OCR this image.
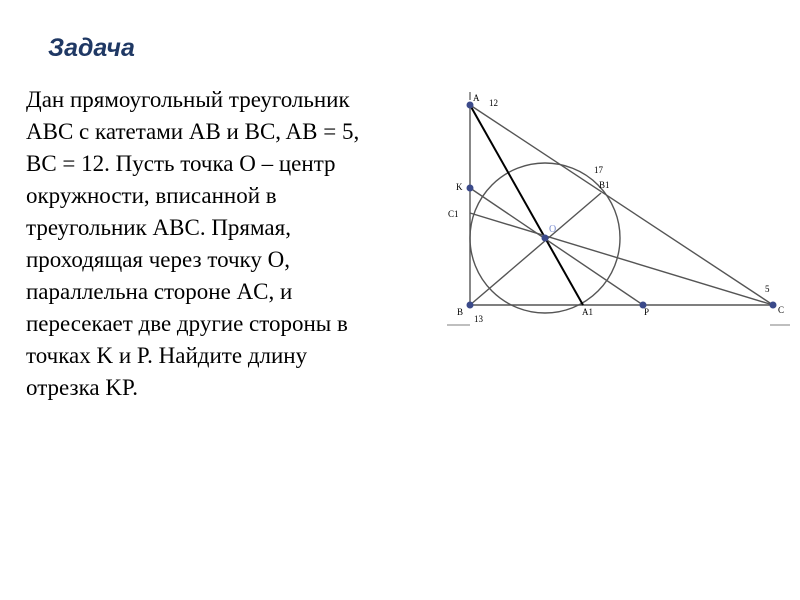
Задача
Дан прямоугольный треугольник
ABC с катетами AB и BC, AB = 5,
BC = 12. Пусть точка O – центр
окружности, вписанной в
треугольник ABC. Прямая,
проходящая через точку O,
параллельна стороне AC, и
пересекает две другие стороны в
точках K и P. Найдите длину
отрезка KP.
A 12
17
B1
K
C1
O
5
B
13
A1	P	C
